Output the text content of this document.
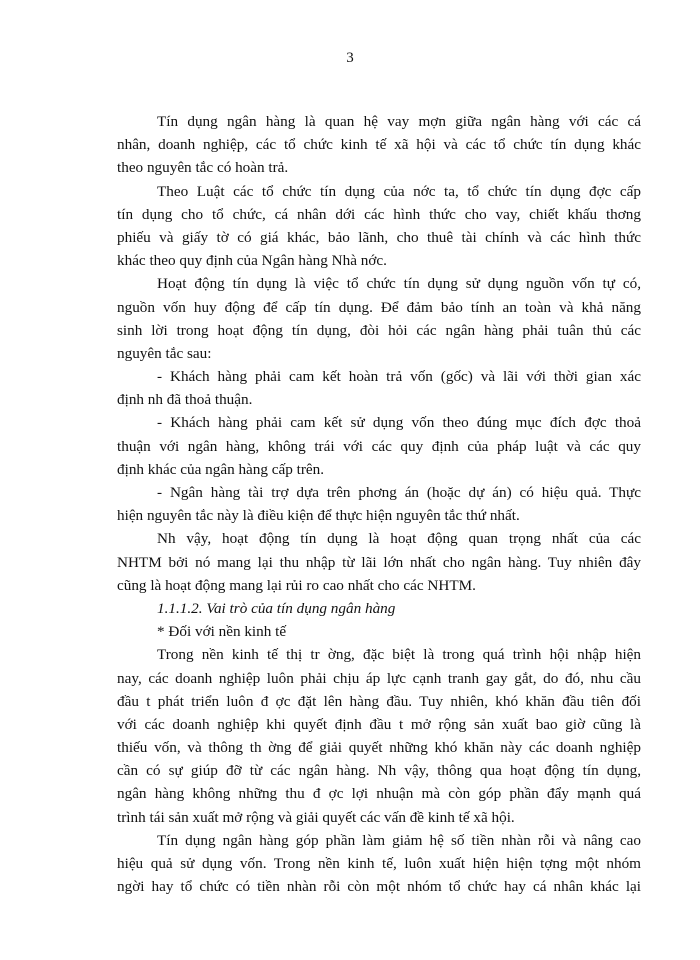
3
Tín dụng ngân hàng là quan hệ vay mợn giữa ngân hàng với các cá
nhân, doanh nghiệp, các tổ chức kinh tế xã hội và các tổ chức tín dụng khác
theo nguyên tắc có hoàn trả.
Theo Luật các tổ chức tín dụng của nớc ta, tổ chức tín dụng đợc cấp
tín dụng cho tổ chức, cá nhân dới các hình thức cho vay, chiết khấu thơng
phiếu và giấy tờ có giá khác, bảo lãnh, cho thuê tài chính và các hình thức
khác theo quy định của Ngân hàng Nhà nớc.
Hoạt động tín dụng là việc tổ chức tín dụng sử dụng nguồn vốn tự có,
nguồn vốn huy động để cấp tín dụng. Để đảm bảo tính an toàn và khả năng
sinh lời trong hoạt động tín dụng, đòi hỏi các ngân hàng phải tuân thủ các
nguyên tắc sau:
- Khách hàng phải cam kết hoàn trả vốn (gốc) và lãi với thời gian xác
định nh đã thoả thuận.
- Khách hàng phải cam kết sử dụng vốn theo đúng mục đích đợc thoả
thuận với ngân hàng, không trái với các quy định của pháp luật và các quy
định khác của ngân hàng cấp trên.
- Ngân hàng tài trợ dựa trên phơng án (hoặc dự án) có hiệu quả. Thực
hiện nguyên tắc này là điều kiện để thực hiện nguyên tắc thứ nhất.
Nh vậy, hoạt động tín dụng là hoạt động quan trọng nhất của các
NHTM bởi nó mang lại thu nhập từ lãi lớn nhất cho ngân hàng. Tuy nhiên đây
cũng là hoạt động mang lại rủi ro cao nhất cho các NHTM.
1.1.1.2. Vai trò của tín dụng ngân hàng
* Đối với nền kinh tế
Trong nền kinh tế thị tr ờng, đặc biệt là trong quá trình hội nhập hiện
nay, các doanh nghiệp luôn phải chịu áp lực cạnh tranh gay gắt, do đó, nhu cầu
đầu t phát triển luôn đ ợc đặt lên hàng đầu. Tuy nhiên, khó khăn đầu tiên đối
với các doanh nghiệp khi quyết định đầu t mở rộng sản xuất bao giờ cũng là
thiếu vốn, và thông th ờng để giải quyết những khó khăn này các doanh nghiệp
cần có sự giúp đỡ từ các ngân hàng. Nh vậy, thông qua hoạt động tín dụng,
ngân hàng không những thu đ ợc lợi nhuận mà còn góp phần đẩy mạnh quá
trình tái sản xuất mở rộng và giải quyết các vấn đề kinh tế xã hội.
Tín dụng ngân hàng góp phần làm giảm hệ số tiền nhàn rỗi và nâng cao
hiệu quả sử dụng vốn. Trong nền kinh tế, luôn xuất hiện hiện tợng một nhóm
ngời hay tổ chức có tiền nhàn rỗi còn một nhóm tổ chức hay cá nhân khác lại
